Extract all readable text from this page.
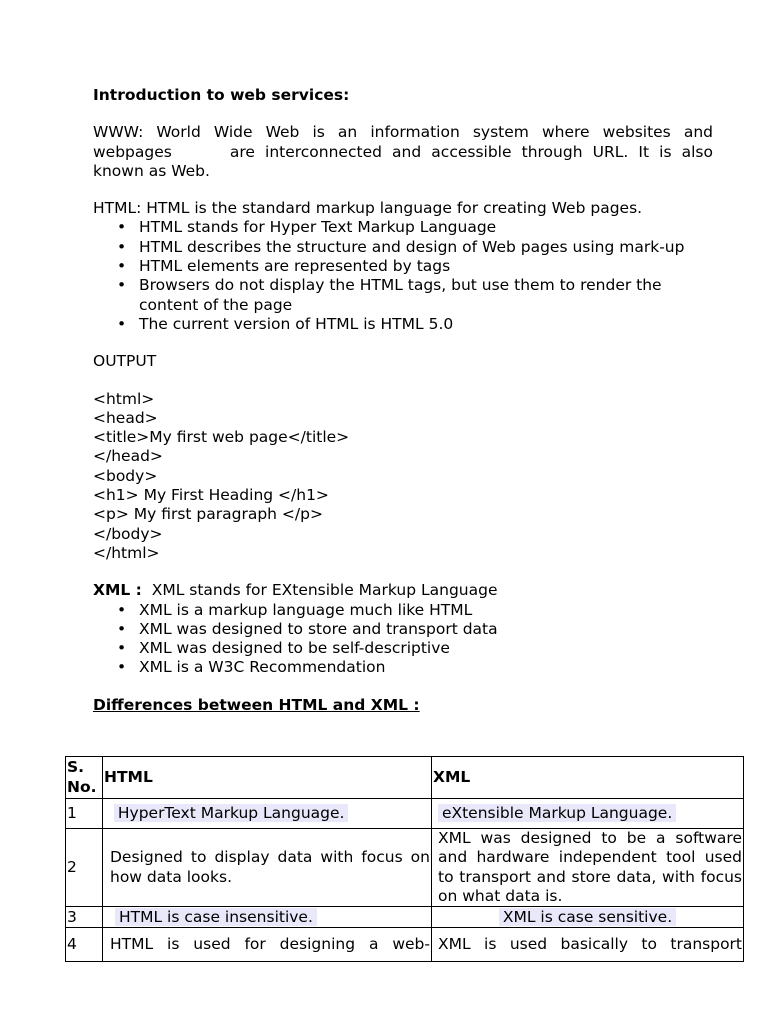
Introduction to web services:
WWW: World Wide Web is an information system where websites and webpages	are interconnected and accessible through URL. It is also known as Web.
HTML: HTML is the standard markup language for creating Web pages.
• HTML stands for Hyper Text Markup Language
• HTML describes the structure and design of Web pages using mark-up
• HTML elements are represented by tags
• Browsers do not display the HTML tags, but use them to render the content of the page
• The current version of HTML is HTML 5.0
OUTPUT
<html>
<head>
<title>My first web page</title>
</head>
<body>
<h1> My First Heading </h1>
<p> My first paragraph </p>
</body>
</html>
XML : XML stands for EXtensible Markup Language
• XML is a markup language much like HTML
• XML was designed to store and transport data
• XML was designed to be self-descriptive
• XML is a W3C Recommendation
Differences between HTML and XML :
S. No.	HTML	XML
1	HyperText Markup Language.	eXtensible Markup Language.
2	Designed to display data with focus on how data looks.	XML was designed to be a software and hardware independent tool used to transport and store data, with focus on what data is.
3	HTML is case insensitive.	XML is case sensitive.
4	HTML is used for designing a web-	XML is used basically to transport
